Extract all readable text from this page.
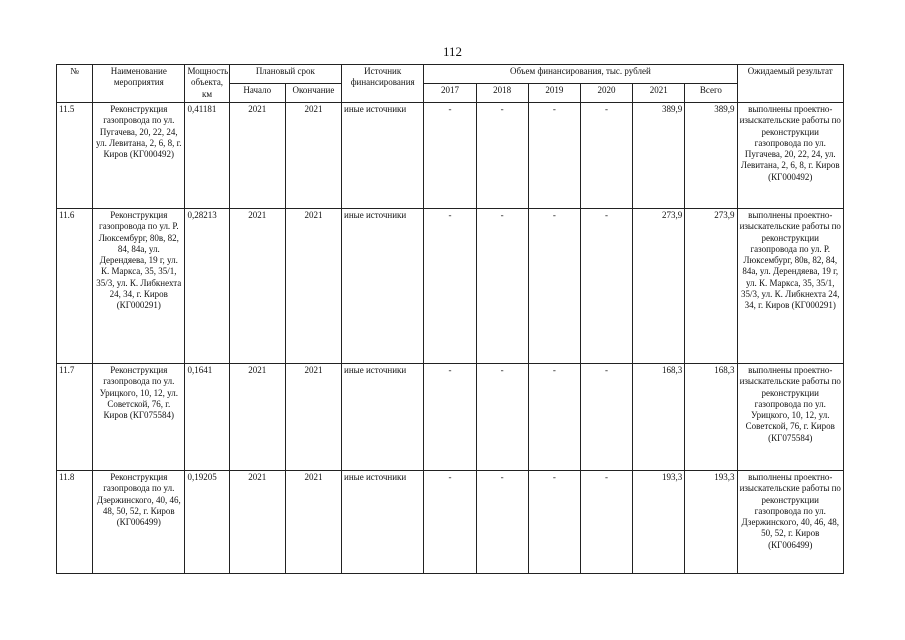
112
№	Наименование мероприятия	Мощность объекта, км	Плановый срок		Источник финансирования	Объем финансирования, тыс. рублей						Ожидаемый результат
			Начало	Окончание		2017	2018	2019	2020	2021	Всего	
11.5	Реконструкция газопровода по ул. Пугачева, 20, 22, 24, ул. Левитана, 2, 6, 8, г. Киров (КГ000492)	0,41181	2021	2021	иные источники	-	-	-	-	389,9	389,9	выполнены проектно-изыскательские работы по реконструкции газопровода по ул. Пугачева, 20, 22, 24, ул. Левитана, 2, 6, 8, г. Киров (КГ000492)
11.6	Реконструкция газопровода по ул. Р. Люксембург, 80в, 82, 84, 84а, ул. Дерендяева, 19 г, ул. К. Маркса, 35, 35/1, 35/3, ул. К. Либкнехта 24, 34, г. Киров (КГ000291)	0,28213	2021	2021	иные источники	-	-	-	-	273,9	273,9	выполнены проектно-изыскательские работы по реконструкции газопровода по ул. Р. Люксембург, 80в, 82, 84, 84а, ул. Дерендяева, 19 г, ул. К. Маркса, 35, 35/1, 35/3, ул. К. Либкнехта 24, 34, г. Киров (КГ000291)
11.7	Реконструкция газопровода по ул. Урицкого, 10, 12, ул. Советской, 76, г. Киров (КГ075584)	0,1641	2021	2021	иные источники	-	-	-	-	168,3	168,3	выполнены проектно-изыскательские работы по реконструкции газопровода по ул. Урицкого, 10, 12, ул. Советской, 76, г. Киров (КГ075584)
11.8	Реконструкция газопровода по ул. Дзержинского, 40, 46, 48, 50, 52, г. Киров (КГ006499)	0,19205	2021	2021	иные источники	-	-	-	-	193,3	193,3	выполнены проектно-изыскательские работы по реконструкции газопровода по ул. Дзержинского, 40, 46, 48, 50, 52, г. Киров (КГ006499)
